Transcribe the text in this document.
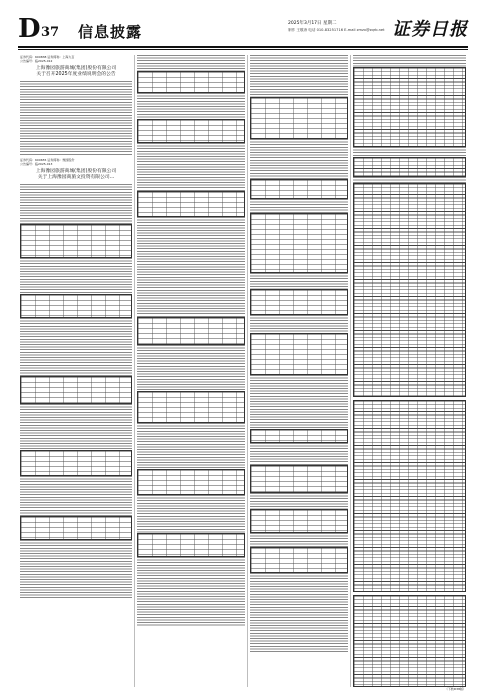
D 37 信息披露	2025年3月17日 星期二
制作 王敬涛 电话 010-83251716 E-mail zmzx@zqrb.net 证券日报
证券代码：600838 证券简称：上海九百
公告编号：临2025-012
上海豫园旅游商城(集团)股份有限公司
关于召开2025年度业绩说明会的公告
证券代码：600655 证券简称：豫园股份
公告编号：临2025-013
上海豫园旅游商城(集团)股份有限公司
关于上海豫园商旅文投资有限公司...
（下转D38版）
